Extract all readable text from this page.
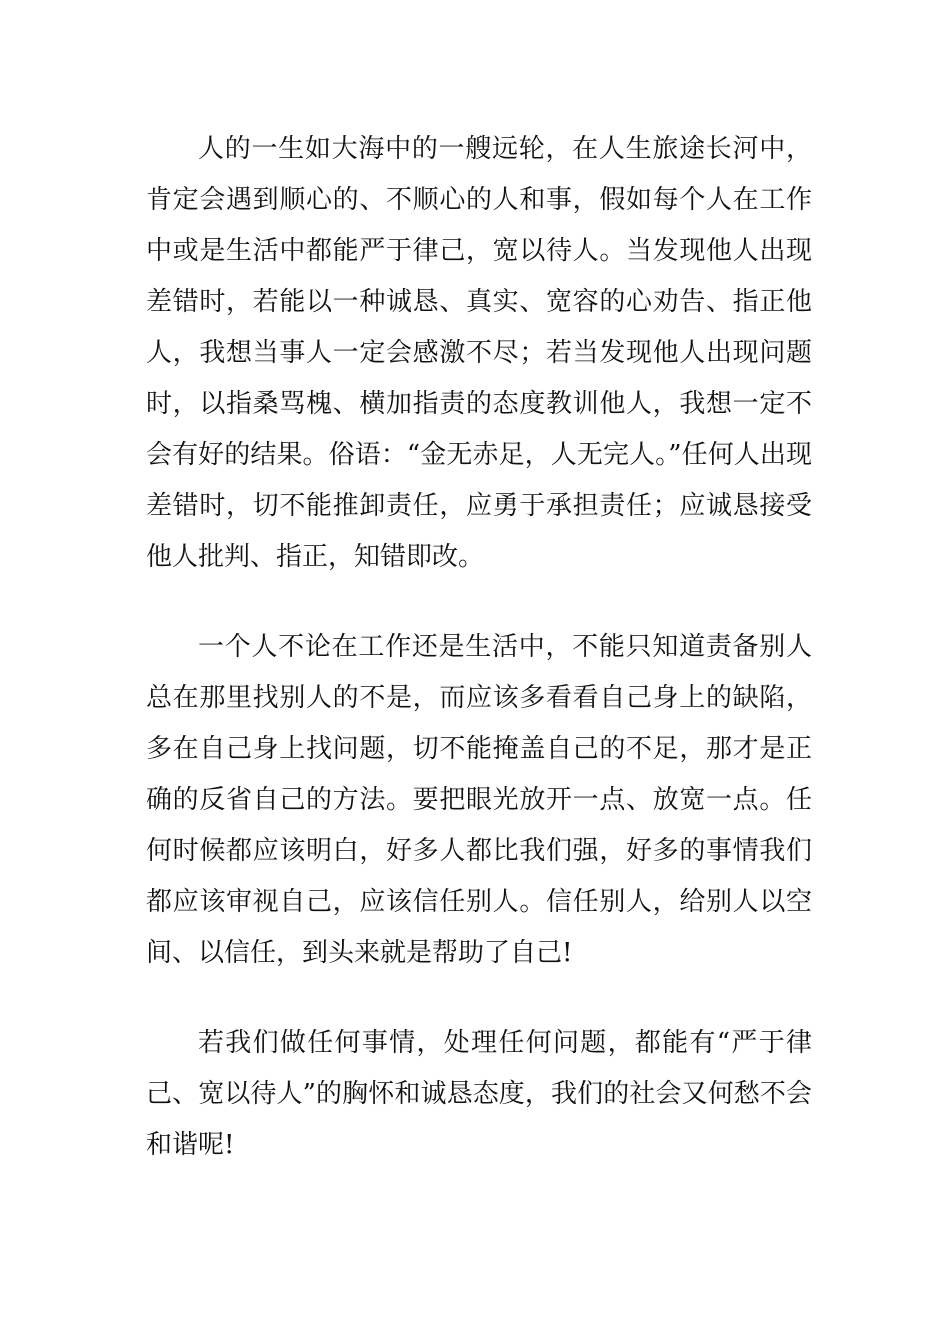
人的一生如大海中的一艘远轮，在人生旅途长河中，肯定会遇到顺心的、不顺心的人和事，假如每个人在工作中或是生活中都能严于律己，宽以待人。当发现他人出现差错时，若能以一种诚恳、真实、宽容的心劝告、指正他人，我想当事人一定会感激不尽；若当发现他人出现问题时，以指桑骂槐、横加指责的态度教训他人，我想一定不会有好的结果。俗语：“金无赤足，人无完人。”任何人出现差错时，切不能推卸责任，应勇于承担责任；应诚恳接受他人批判、指正，知错即改。

一个人不论在工作还是生活中，不能只知道责备别人总在那里找别人的不是，而应该多看看自己身上的缺陷，多在自己身上找问题，切不能掩盖自己的不足，那才是正确的反省自己的方法。要把眼光放开一点、放宽一点。任何时候都应该明白，好多人都比我们强，好多的事情我们都应该审视自己，应该信任别人。信任别人，给别人以空间、以信任，到头来就是帮助了自己!

若我们做任何事情，处理任何问题，都能有“严于律己、宽以待人”的胸怀和诚恳态度，我们的社会又何愁不会和谐呢!
